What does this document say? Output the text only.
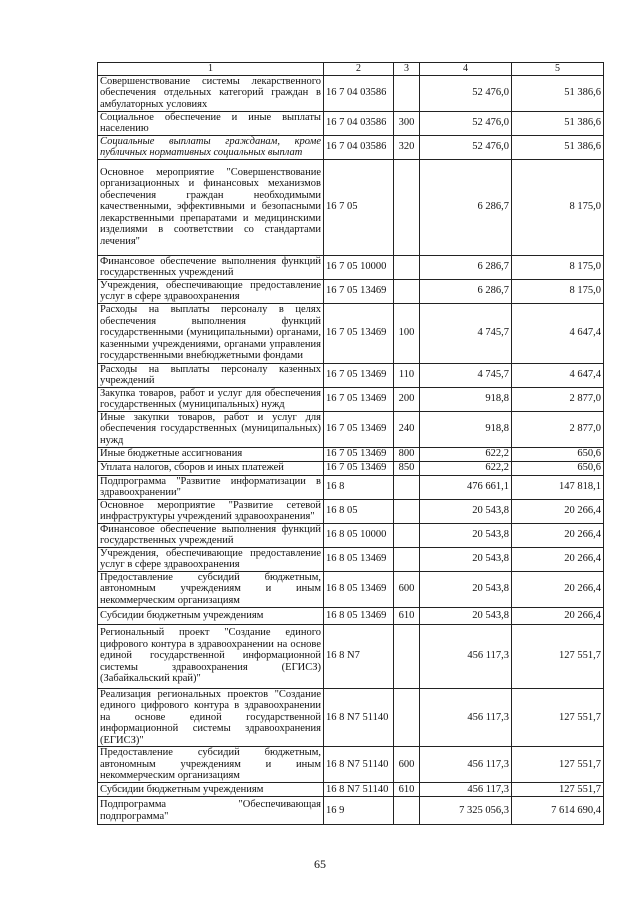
1	2	3	4	5
Совершенствование системы лекарственного обеспечения отдельных категорий граждан в амбулаторных условиях	16 7 04 03586		52 476,0	51 386,6
Социальное обеспечение и иные выплаты населению	16 7 04 03586	300	52 476,0	51 386,6
Социальные выплаты гражданам, кроме публичных нормативных социальных выплат	16 7 04 03586	320	52 476,0	51 386,6
Основное мероприятие "Совершенствование организационных и финансовых механизмов обеспечения граждан необходимыми качественными, эффективными и безопасными лекарственными препаратами и медицинскими изделиями в соответствии со стандартами лечения"	16 7 05		6 286,7	8 175,0
Финансовое обеспечение выполнения функций государственных учреждений	16 7 05 10000		6 286,7	8 175,0
Учреждения, обеспечивающие предоставление услуг в сфере здравоохранения	16 7 05 13469		6 286,7	8 175,0
Расходы на выплаты персоналу в целях обеспечения выполнения функций государственными (муниципальными) органами, казенными учреждениями, органами управления государственными внебюджетными фондами	16 7 05 13469	100	4 745,7	4 647,4
Расходы на выплаты персоналу казенных учреждений	16 7 05 13469	110	4 745,7	4 647,4
Закупка товаров, работ и услуг для обеспечения государственных (муниципальных) нужд	16 7 05 13469	200	918,8	2 877,0
Иные закупки товаров, работ и услуг для обеспечения государственных (муниципальных) нужд	16 7 05 13469	240	918,8	2 877,0
Иные бюджетные ассигнования	16 7 05 13469	800	622,2	650,6
Уплата налогов, сборов и иных платежей	16 7 05 13469	850	622,2	650,6
Подпрограмма "Развитие информатизации в здравоохранении"	16 8		476 661,1	147 818,1
Основное мероприятие "Развитие сетевой инфраструктуры учреждений здравоохранения"	16 8 05		20 543,8	20 266,4
Финансовое обеспечение выполнения функций государственных учреждений	16 8 05 10000		20 543,8	20 266,4
Учреждения, обеспечивающие предоставление услуг в сфере здравоохранения	16 8 05 13469		20 543,8	20 266,4
Предоставление субсидий бюджетным, автономным учреждениям и иным некоммерческим организациям	16 8 05 13469	600	20 543,8	20 266,4
Субсидии бюджетным учреждениям	16 8 05 13469	610	20 543,8	20 266,4
Региональный проект "Создание единого цифрового контура в здравоохранении на основе единой государственной информационной системы здравоохранения (ЕГИСЗ) (Забайкальский край)"	16 8 N7		456 117,3	127 551,7
Реализация региональных проектов "Создание единого цифрового контура в здравоохранении на основе единой государственной информационной системы здравоохранения (ЕГИСЗ)"	16 8 N7 51140		456 117,3	127 551,7
Предоставление субсидий бюджетным, автономным учреждениям и иным некоммерческим организациям	16 8 N7 51140	600	456 117,3	127 551,7
Субсидии бюджетным учреждениям	16 8 N7 51140	610	456 117,3	127 551,7
Подпрограмма "Обеспечивающая подпрограмма"	16 9		7 325 056,3	7 614 690,4
65
